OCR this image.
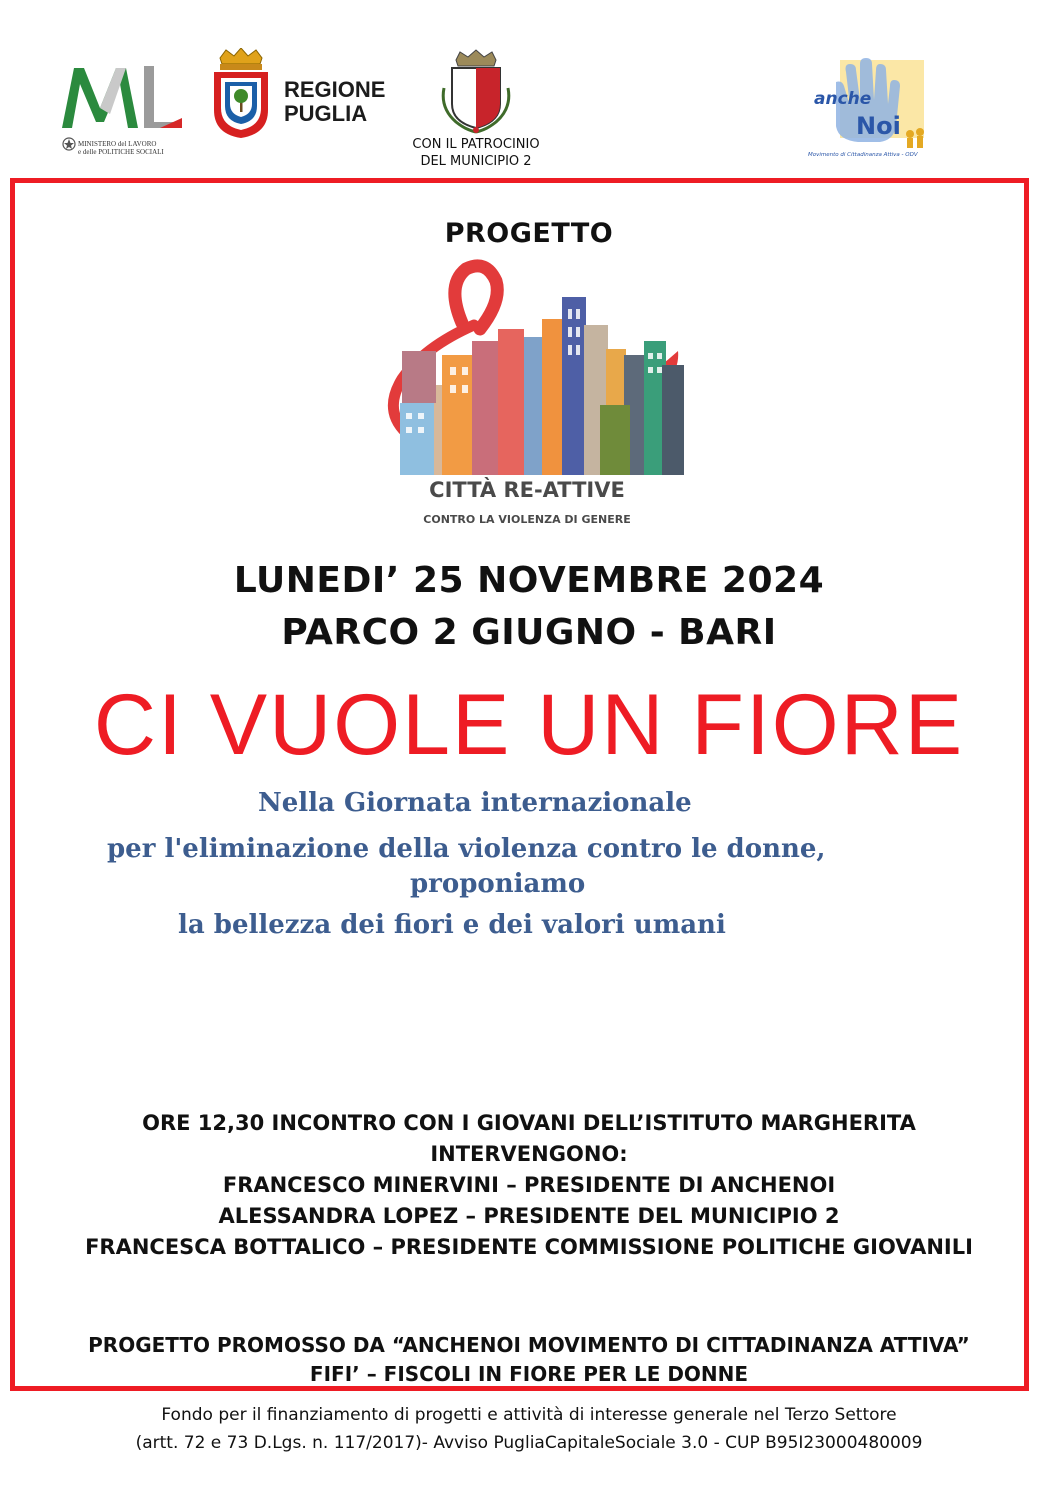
MINISTERO del LAVORO
e delle POLITICHE SOCIALI
REGIONE
PUGLIA
CON IL PATROCINIO
DEL MUNICIPIO 2
anche
Noi
Movimento di Cittadinanza Attiva - ODV
PROGETTO
CITTÀ RE-ATTIVE
CONTRO LA VIOLENZA DI GENERE
LUNEDI’ 25 NOVEMBRE 2024
PARCO 2 GIUGNO - BARI
CI VUOLE UN FIORE
Nella Giornata internazionale
per l'eliminazione della violenza contro le donne,
proponiamo
la bellezza dei fiori e dei valori umani
ORE 12,30 INCONTRO CON I GIOVANI DELL’ISTITUTO MARGHERITA
INTERVENGONO:
FRANCESCO MINERVINI – PRESIDENTE DI ANCHENOI
ALESSANDRA LOPEZ – PRESIDENTE DEL MUNICIPIO 2
FRANCESCA BOTTALICO – PRESIDENTE COMMISSIONE POLITICHE GIOVANILI
PROGETTO PROMOSSO DA “ANCHENOI MOVIMENTO DI CITTADINANZA ATTIVA”
FIFI’ – FISCOLI IN FIORE PER LE DONNE
Fondo per il finanziamento di progetti e attività di interesse generale nel Terzo Settore
(artt. 72 e 73 D.Lgs. n. 117/2017)- Avviso PugliaCapitaleSociale 3.0 - CUP B95I23000480009
